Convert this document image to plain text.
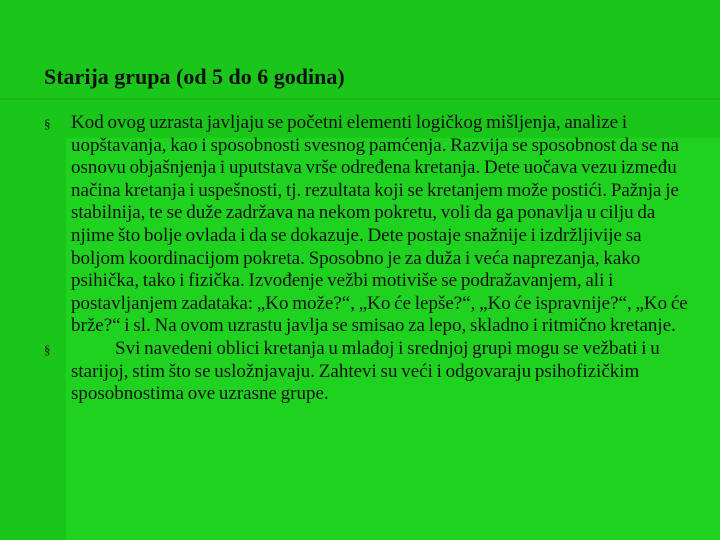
Starija grupa (od 5 do 6 godina)
§ Kod ovog uzrasta javljaju se početni elementi logičkog mišljenja, analize i uopštavanja, kao i sposobnosti svesnog pamćenja. Razvija se sposobnost da se na osnovu objašnjenja i uputstava vrše određena kretanja. Dete uočava vezu između načina kretanja i uspešnosti, tj. rezultata koji se kretanjem može postići. Pažnja je stabilnija, te se duže zadržava na nekom pokretu, voli da ga ponavlja u cilju da njime što bolje ovlada i da se dokazuje. Dete postaje snažnije i izdržljivije sa boljom koordinacijom pokreta. Sposobno je za duža i veća naprezanja, kako psihička, tako i fizička. Izvođenje vežbi motiviše se podražavanjem, ali i postavljanjem zadataka: „Ko može?“, „Ko će lepše?“, „Ko će ispravnije?“, „Ko će brže?“ i sl. Na ovom uzrastu javlja se smisao za lepo, skladno i ritmično kretanje.
§	Svi navedeni oblici kretanja u mlađoj i srednjoj grupi mogu se vežbati i u starijoj, stim što se usložnjavaju. Zahtevi su veći i odgovaraju psihofizičkim sposobnostima ove uzrasne grupe.
